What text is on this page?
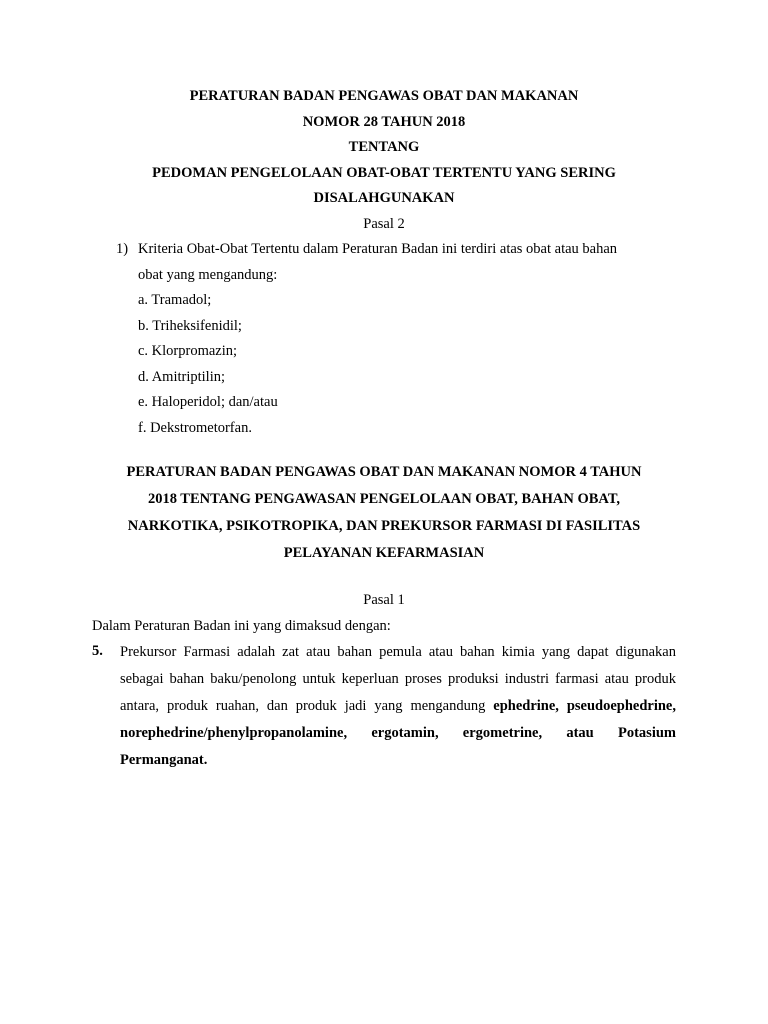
PERATURAN BADAN PENGAWAS OBAT DAN MAKANAN
NOMOR 28 TAHUN 2018
TENTANG
PEDOMAN PENGELOLAAN OBAT-OBAT TERTENTU YANG SERING
DISALAHGUNAKAN
Pasal 2
1) Kriteria Obat-Obat Tertentu dalam Peraturan Badan ini terdiri atas obat atau bahan
obat yang mengandung:
a. Tramadol;
b. Triheksifenidil;
c. Klorpromazin;
d. Amitriptilin;
e. Haloperidol; dan/atau
f. Dekstrometorfan.
PERATURAN BADAN PENGAWAS OBAT DAN MAKANAN NOMOR 4 TAHUN
2018 TENTANG PENGAWASAN PENGELOLAAN OBAT, BAHAN OBAT,
NARKOTIKA, PSIKOTROPIKA, DAN PREKURSOR FARMASI DI FASILITAS
PELAYANAN KEFARMASIAN
Pasal 1
Dalam Peraturan Badan ini yang dimaksud dengan:
5. Prekursor Farmasi adalah zat atau bahan pemula atau bahan kimia yang dapat digunakan sebagai bahan baku/penolong untuk keperluan proses produksi industri farmasi atau produk antara, produk ruahan, dan produk jadi yang mengandung ephedrine, pseudoephedrine, norephedrine/phenylpropanolamine, ergotamin, ergometrine, atau Potasium Permanganat.
